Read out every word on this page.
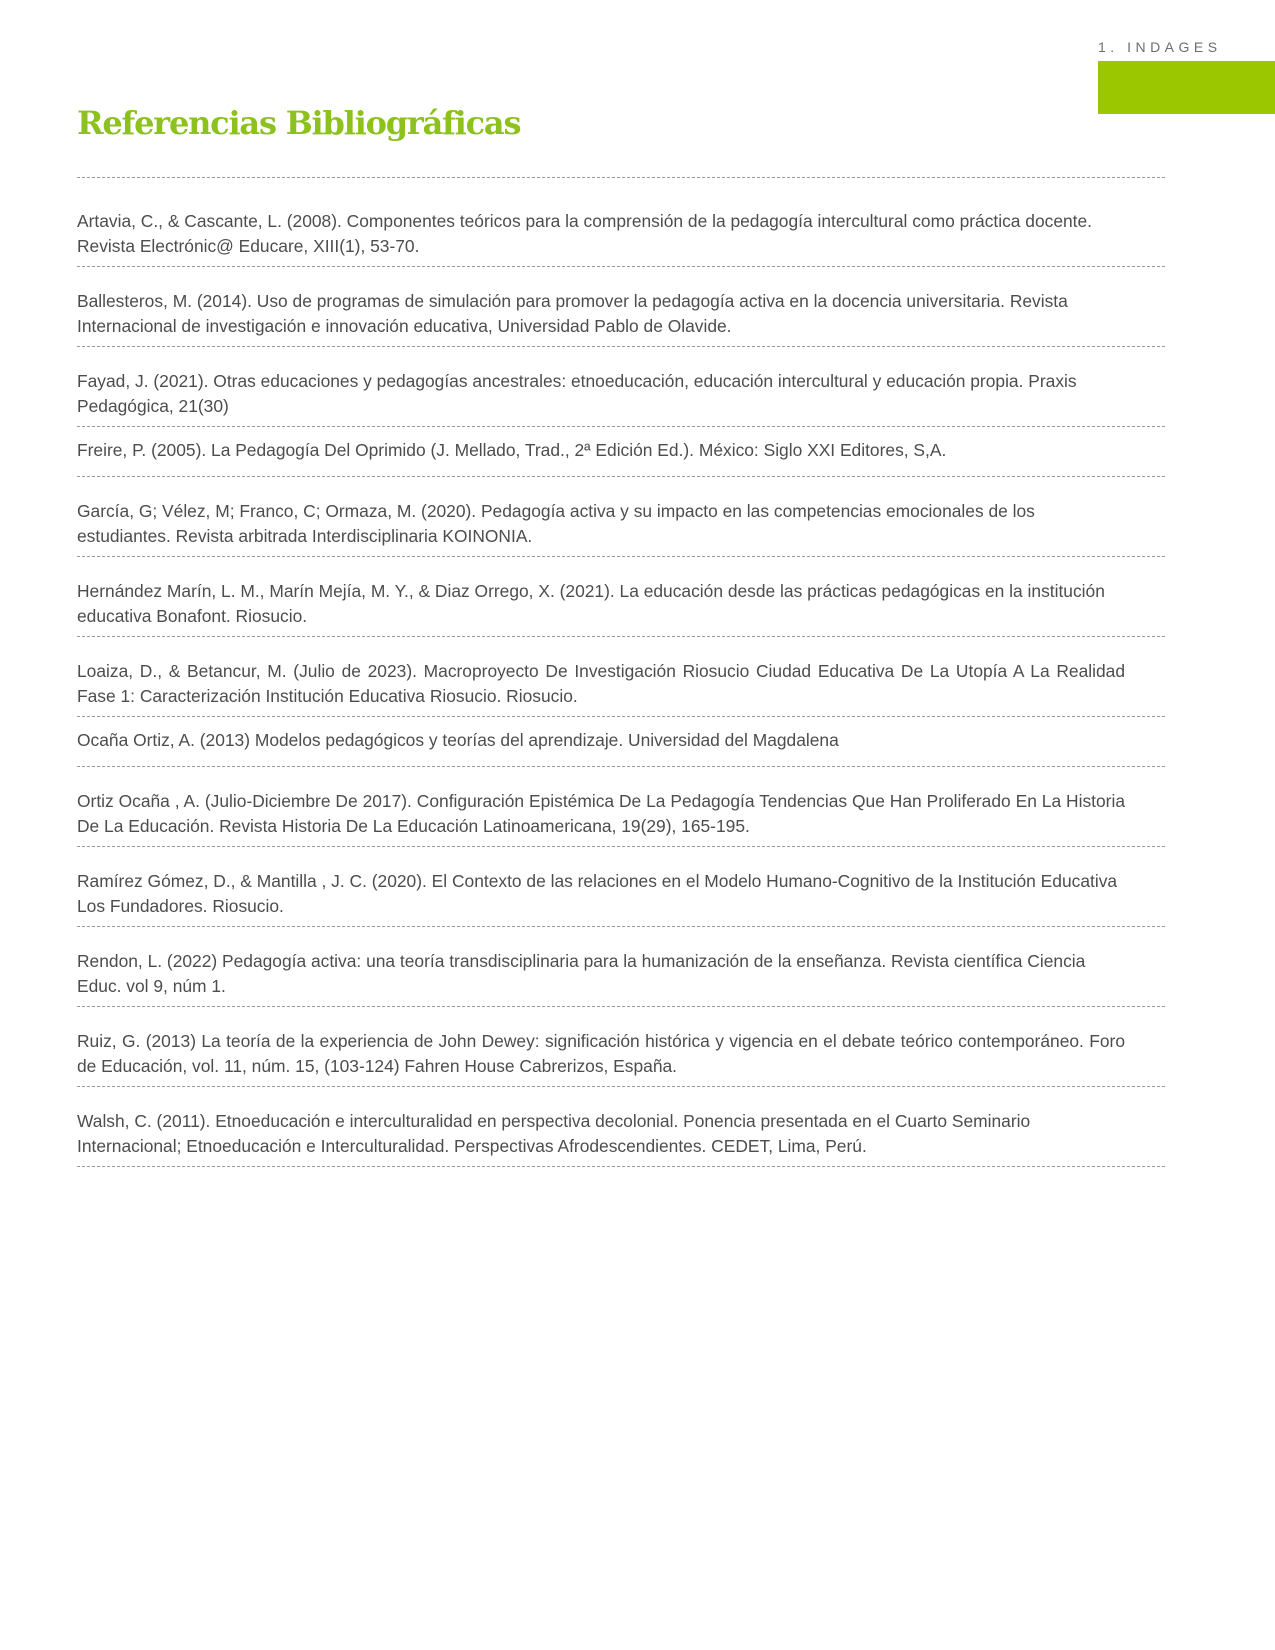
1. INDAGES
Referencias Bibliográficas
Artavia, C., & Cascante, L. (2008). Componentes teóricos para la comprensión de la pedagogía intercultural como práctica docente. Revista Electrónic@ Educare, XIII(1), 53-70.
Ballesteros, M. (2014). Uso de programas de simulación para promover la pedagogía activa en la docencia universitaria. Revista Internacional de investigación e innovación educativa, Universidad Pablo de Olavide.
Fayad, J. (2021). Otras educaciones y pedagogías ancestrales: etnoeducación, educación intercultural y educación propia. Praxis Pedagógica, 21(30)
Freire, P. (2005). La Pedagogía Del Oprimido (J. Mellado, Trad., 2ª Edición Ed.). México: Siglo XXI Editores, S,A.
García, G; Vélez, M; Franco, C; Ormaza, M. (2020). Pedagogía activa y su impacto en las competencias emocionales de los estudiantes. Revista arbitrada Interdisciplinaria KOINONIA.
Hernández Marín, L. M., Marín Mejía, M. Y., & Diaz Orrego, X. (2021). La educación desde las prácticas pedagógicas en la institución educativa Bonafont. Riosucio.
Loaiza, D., & Betancur, M. (Julio de 2023). Macroproyecto De Investigación Riosucio Ciudad Educativa De La Utopía A La Realidad Fase 1: Caracterización Institución Educativa Riosucio. Riosucio.
Ocaña Ortiz, A. (2013) Modelos pedagógicos y teorías del aprendizaje. Universidad del Magdalena
Ortiz Ocaña , A. (Julio-Diciembre De 2017). Configuración Epistémica De La Pedagogía Tendencias Que Han Proliferado En La Historia De La Educación. Revista Historia De La Educación Latinoamericana, 19(29), 165-195.
Ramírez Gómez, D., & Mantilla , J. C. (2020). El Contexto de las relaciones en el Modelo Humano-Cognitivo de la Institución Educativa Los Fundadores. Riosucio.
Rendon, L. (2022) Pedagogía activa: una teoría transdisciplinaria para la humanización de la enseñanza. Revista científica Ciencia Educ. vol 9, núm 1.
Ruiz, G. (2013) La teoría de la experiencia de John Dewey: significación histórica y vigencia en el debate teórico contemporáneo. Foro de Educación, vol. 11, núm. 15, (103-124) Fahren House Cabrerizos, España.
Walsh, C. (2011). Etnoeducación e interculturalidad en perspectiva decolonial. Ponencia presentada en el Cuarto Seminario Internacional; Etnoeducación e Interculturalidad. Perspectivas Afrodescendientes. CEDET, Lima, Perú.
